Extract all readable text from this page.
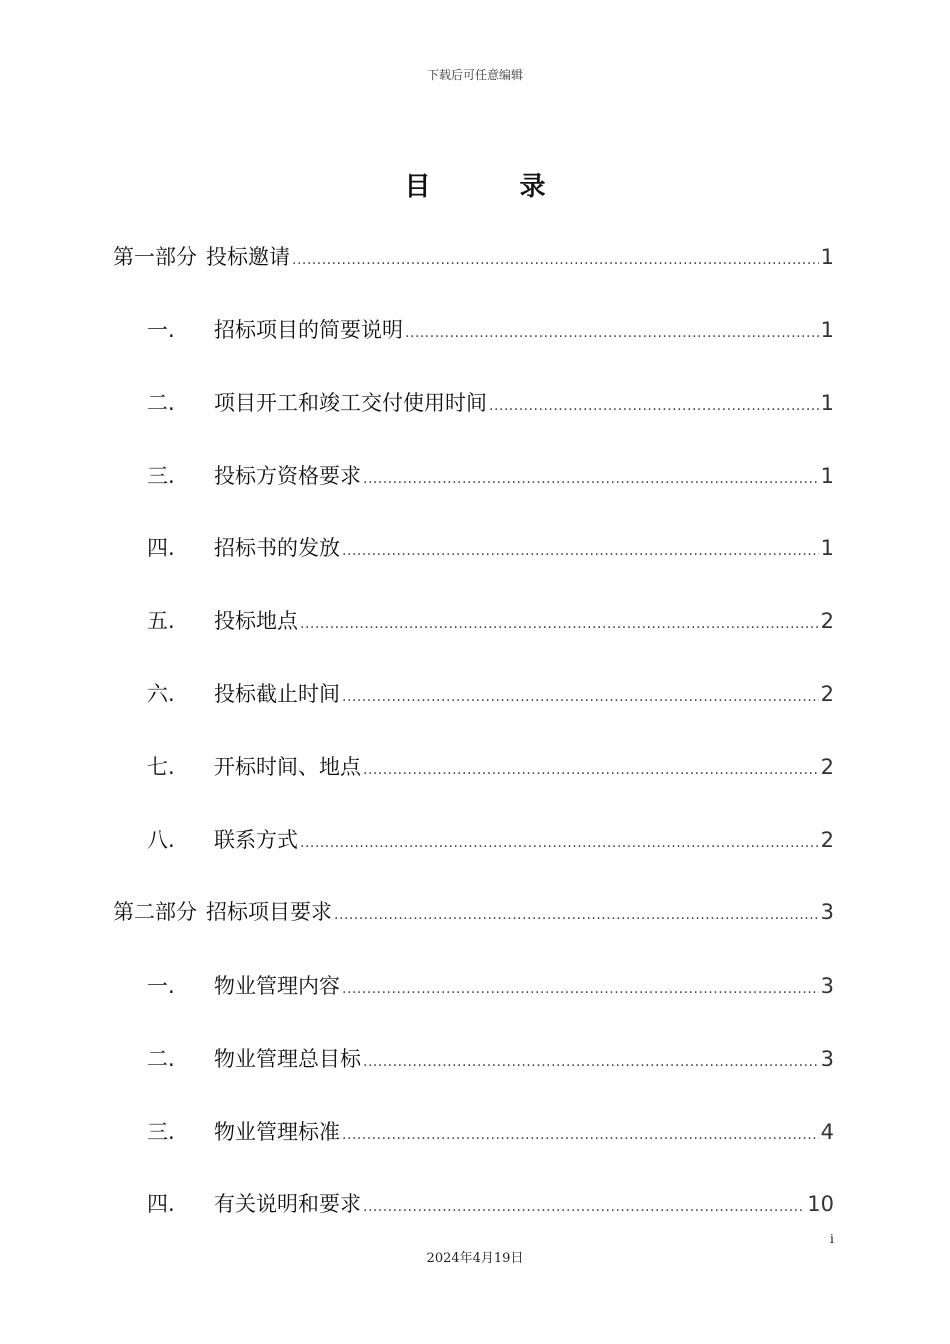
下载后可任意编辑
目 录
第一部分 投标邀请 .....	1
一.	招标项目的简要说明 .....	1
二.	项目开工和竣工交付使用时间 .....	1
三.	投标方资格要求 .....	1
四.	招标书的发放 .....	1
五.	投标地点 .....	2
六.	投标截止时间 .....	2
七.	开标时间、地点 .....	2
八.	联系方式 .....	2
第二部分 招标项目要求 .....	3
一.	物业管理内容 .....	3
二.	物业管理总目标 .....	3
三.	物业管理标准 .....	4
四.	有关说明和要求 .....	10
i
2024年4月19日
